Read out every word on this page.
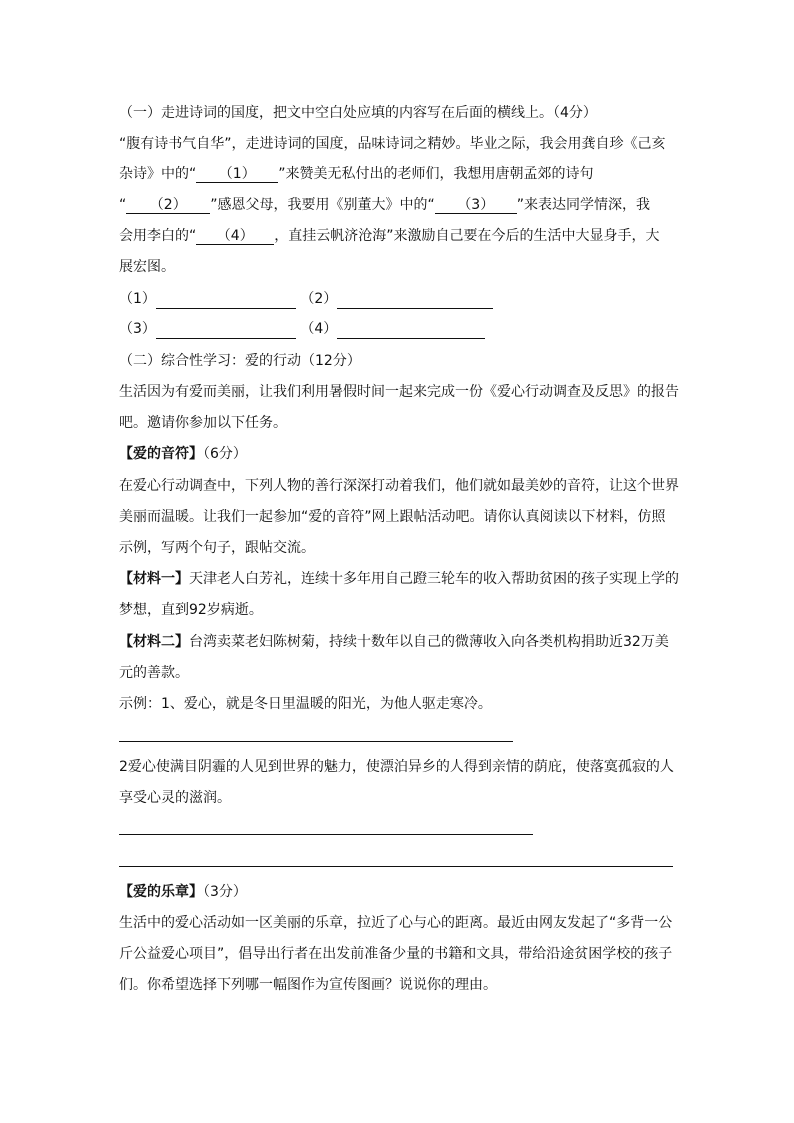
（一）走进诗词的国度，把文中空白处应填的内容写在后面的横线上。（4分）
“腹有诗书气自华”，走进诗词的国度，品味诗词之精妙。毕业之际，我会用龚自珍《己亥
杂诗》中的“ （1） ”来赞美无私付出的老师们，我想用唐朝孟郊的诗句
“ （2） ”感恩父母，我要用《别董大》中的“ （3） ”来表达同学情深，我
会用李白的“ （4） ，直挂云帆济沧海”来激励自己要在今后的生活中大显身手，大
展宏图。
（1）	（2）
（3）	（4）
（二）综合性学习：爱的行动（12分）
生活因为有爱而美丽，让我们利用暑假时间一起来完成一份《爱心行动调查及反思》的报告
吧。邀请你参加以下任务。
【爱的音符】（6分）
在爱心行动调查中，下列人物的善行深深打动着我们，他们就如最美妙的音符，让这个世界
美丽而温暖。让我们一起参加“爱的音符”网上跟帖活动吧。请你认真阅读以下材料，仿照
示例，写两个句子，跟帖交流。
【材料一】天津老人白芳礼，连续十多年用自己蹬三轮车的收入帮助贫困的孩子实现上学的
梦想，直到92岁病逝。
【材料二】台湾卖菜老妇陈树菊，持续十数年以自己的微薄收入向各类机构捐助近32万美
元的善款。
示例：1、爱心，就是冬日里温暖的阳光，为他人驱走寒冷。
2爱心使满目阴霾的人见到世界的魅力，使漂泊异乡的人得到亲情的荫庇，使落寞孤寂的人
享受心灵的滋润。
【爱的乐章】（3分）
生活中的爱心活动如一区美丽的乐章，拉近了心与心的距离。最近由网友发起了“多背一公
斤公益爱心项目”，倡导出行者在出发前准备少量的书籍和文具，带给沿途贫困学校的孩子
们。你希望选择下列哪一幅图作为宣传图画？说说你的理由。
